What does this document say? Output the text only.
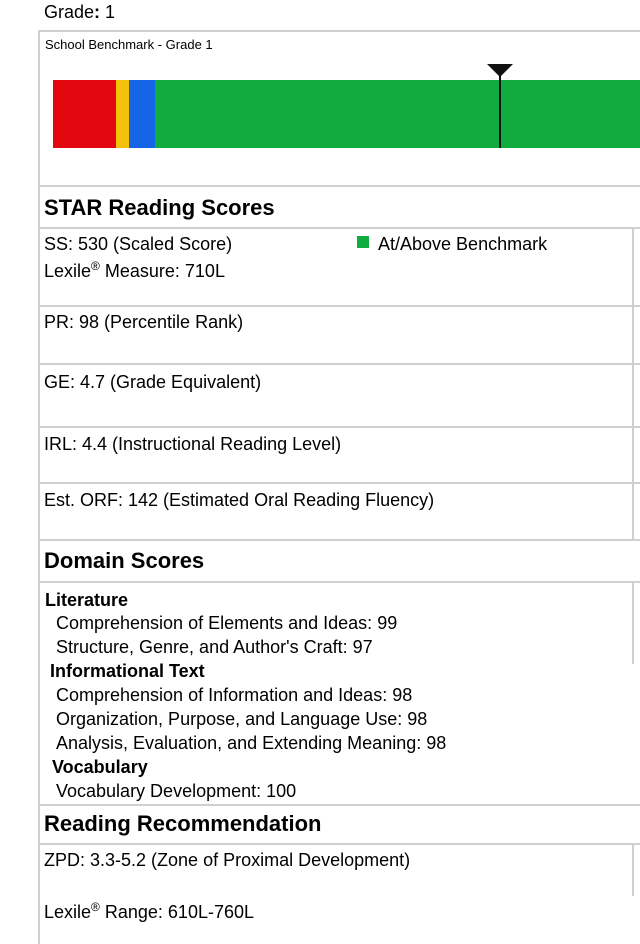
Grade: 1
School Benchmark - Grade 1
STAR Reading Scores
SS: 530 (Scaled Score)	At/Above Benchmark
Lexile® Measure: 710L
PR: 98 (Percentile Rank)
GE: 4.7 (Grade Equivalent)
IRL: 4.4 (Instructional Reading Level)
Est. ORF: 142 (Estimated Oral Reading Fluency)
Domain Scores
Literature
Comprehension of Elements and Ideas: 99
Structure, Genre, and Author's Craft: 97
Informational Text
Comprehension of Information and Ideas: 98
Organization, Purpose, and Language Use: 98
Analysis, Evaluation, and Extending Meaning: 98
Vocabulary
Vocabulary Development: 100
Reading Recommendation
ZPD: 3.3-5.2 (Zone of Proximal Development)
Lexile® Range: 610L-760L
